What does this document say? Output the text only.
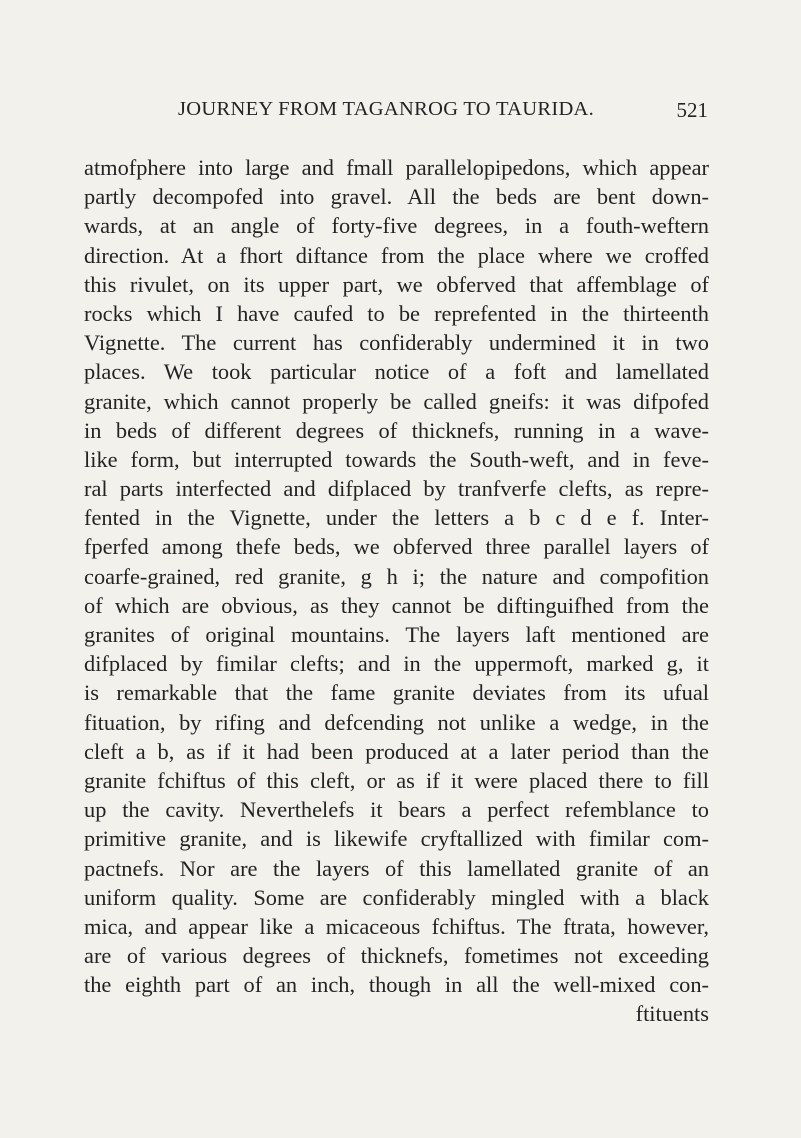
JOURNEY FROM TAGANROG TO TAURIDA.	521
atmofphere into large and fmall parallelopipedons, which appear
partly decompofed into gravel. All the beds are bent down-
wards, at an angle of forty-five degrees, in a fouth-weftern
direction. At a fhort diftance from the place where we croffed
this rivulet, on its upper part, we obferved that affemblage of
rocks which I have caufed to be reprefented in the thirteenth
Vignette. The current has confiderably undermined it in two
places. We took particular notice of a foft and lamellated
granite, which cannot properly be called gneifs: it was difpofed
in beds of different degrees of thicknefs, running in a wave-
like form, but interrupted towards the South-weft, and in feve-
ral parts interfected and difplaced by tranfverfe clefts, as repre-
fented in the Vignette, under the letters a b c d e f. Inter-
fperfed among thefe beds, we obferved three parallel layers of
coarfe-grained, red granite, g h i; the nature and compofition
of which are obvious, as they cannot be diftinguifhed from the
granites of original mountains. The layers laft mentioned are
difplaced by fimilar clefts; and in the uppermoft, marked g, it
is remarkable that the fame granite deviates from its ufual
fituation, by rifing and defcending not unlike a wedge, in the
cleft a b, as if it had been produced at a later period than the
granite fchiftus of this cleft, or as if it were placed there to fill
up the cavity. Neverthelefs it bears a perfect refemblance to
primitive granite, and is likewife cryftallized with fimilar com-
pactnefs. Nor are the layers of this lamellated granite of an
uniform quality. Some are confiderably mingled with a black
mica, and appear like a micaceous fchiftus. The ftrata, however,
are of various degrees of thicknefs, fometimes not exceeding
the eighth part of an inch, though in all the well-mixed con-
ftituents
